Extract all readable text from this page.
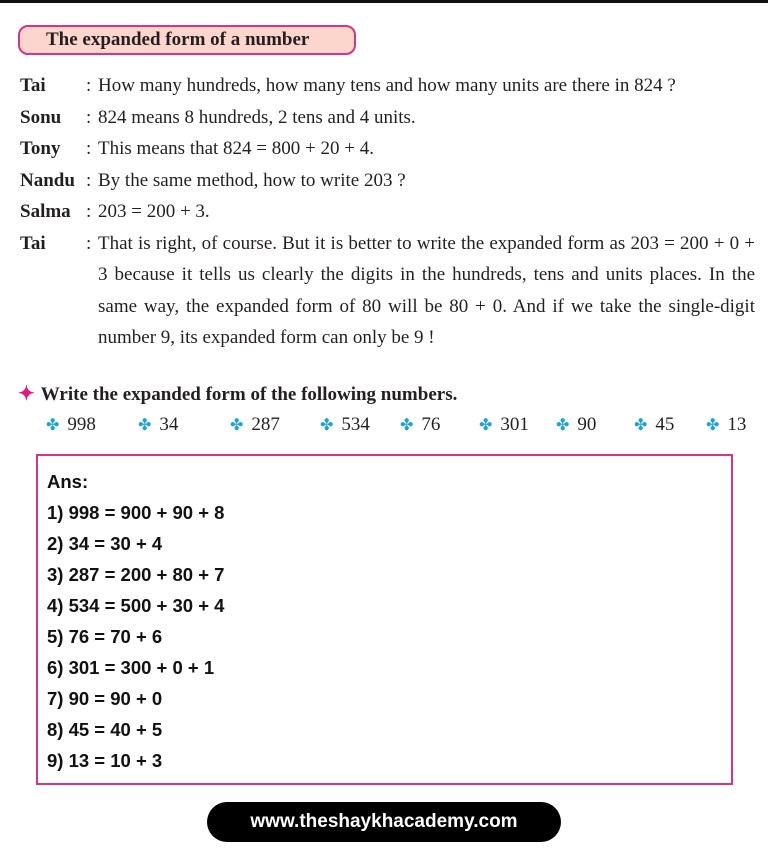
The expanded form of a number
Tai : How many hundreds, how many tens and how many units are there in 824 ?
Sonu : 824 means 8 hundreds, 2 tens and 4 units.
Tony : This means that 824 = 800 + 20 + 4.
Nandu : By the same method, how to write 203 ?
Salma : 203 = 200 + 3.
Tai : That is right, of course. But it is better to write the expanded form as 203 = 200 + 0 + 3 because it tells us clearly the digits in the hundreds, tens and units places. In the same way, the expanded form of 80 will be 80 + 0. And if we take the single-digit number 9, its expanded form can only be 9 !
✦ Write the expanded form of the following numbers.
✤ 998	✤ 34	✤ 287	✤ 534 ✤ 76 ✤ 301 ✤ 90 ✤ 45 ✤ 13
Ans:
1) 998 = 900 + 90 + 8
2) 34 = 30 + 4
3) 287 = 200 + 80 + 7
4) 534 = 500 + 30 + 4
5) 76 = 70 + 6
6) 301 = 300 + 0 + 1
7) 90 = 90 + 0
8) 45 = 40 + 5
9) 13 = 10 + 3
www.theshaykhacademy.com
